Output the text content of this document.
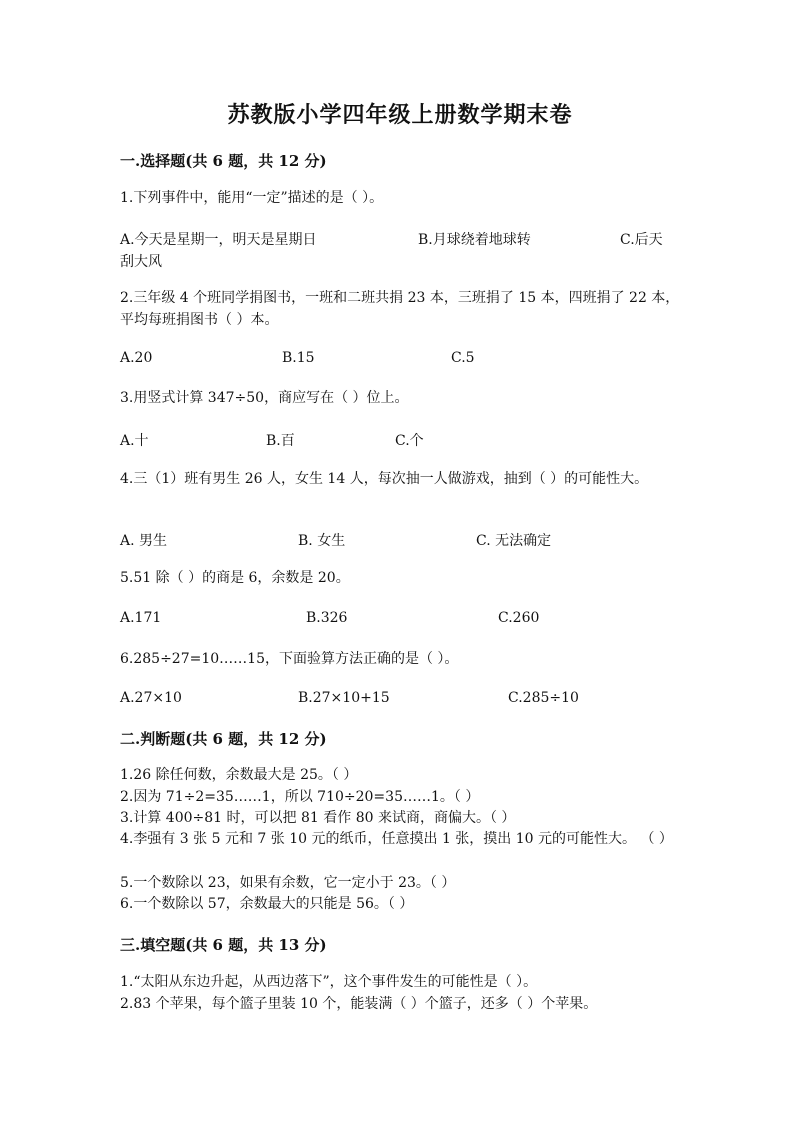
苏教版小学四年级上册数学期末卷
一.选择题(共 6 题，共 12 分)
1.下列事件中，能用“一定”描述的是（ ）。
A.今天是星期一，明天是星期日	B.月球绕着地球转	C.后天
刮大风
2.三年级 4 个班同学捐图书，一班和二班共捐 23 本，三班捐了 15 本，四班捐了 22 本，平均每班捐图书（ ）本。
A.20	B.15	C.5
3.用竖式计算 347÷50，商应写在（ ）位上。
A.十	B.百	C.个
4.三（1）班有男生 26 人，女生 14 人，每次抽一人做游戏，抽到（ ）的可能性大。
A. 男生	B. 女生	C. 无法确定
5.51 除（ ）的商是 6，余数是 20。
A.171	B.326	C.260
6.285÷27=10……15，下面验算方法正确的是（ ）。
A.27×10	B.27×10+15	C.285÷10
二.判断题(共 6 题，共 12 分)
1.26 除任何数，余数最大是 25。（ ）
2.因为 71÷2=35……1，所以 710÷20=35……1。（ ）
3.计算 400÷81 时，可以把 81 看作 80 来试商，商偏大。（ ）
4.李强有 3 张 5 元和 7 张 10 元的纸币，任意摸出 1 张，摸出 10 元的可能性大。 （ ）
5.一个数除以 23，如果有余数，它一定小于 23。（ ）
6.一个数除以 57，余数最大的只能是 56。（ ）
三.填空题(共 6 题，共 13 分)
1.“太阳从东边升起，从西边落下”，这个事件发生的可能性是（ ）。
2.83 个苹果，每个篮子里装 10 个，能装满（ ）个篮子，还多（ ）个苹果。
